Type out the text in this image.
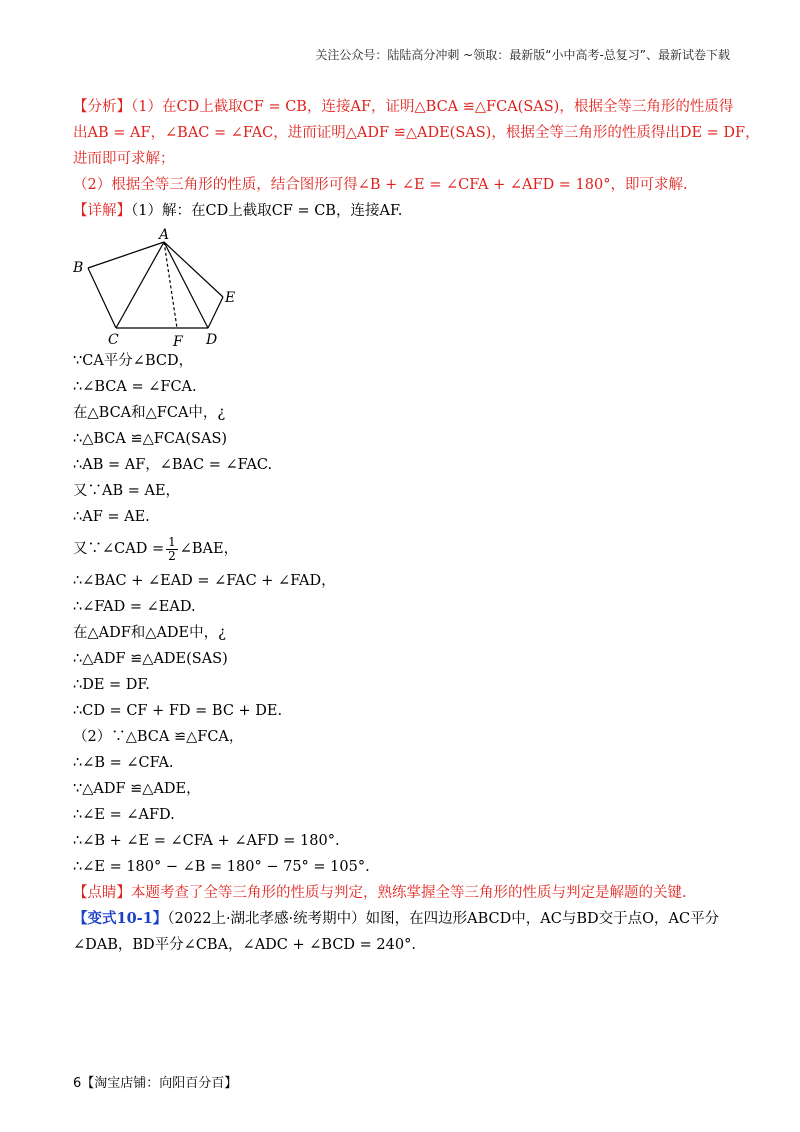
关注公众号：陆陆高分冲刺 ~领取：最新版“小中高考-总复习”、最新试卷下载
【分析】（1）在CD上截取CF = CB，连接AF，证明△BCA ≌△FCA(SAS)，根据全等三角形的性质得
出AB = AF，∠BAC = ∠FAC，进而证明△ADF ≌△ADE(SAS)，根据全等三角形的性质得出DE = DF，
进而即可求解；
（2）根据全等三角形的性质，结合图形可得∠B + ∠E = ∠CFA + ∠AFD = 180°，即可求解.
【详解】（1）解：在CD上截取CF = CB，连接AF.
A
B
C	F D
E
∵CA平分∠BCD，
∴∠BCA = ∠FCA.
在△BCA和△FCA中，¿
∴△BCA ≌△FCA(SAS)
∴AB = AF，∠BAC = ∠FAC.
又∵AB = AE，
∴AF = AE.
又∵∠CAD = $\frac{1}{2}$ ∠BAE，
∴∠BAC + ∠EAD = ∠FAC + ∠FAD，
∴∠FAD = ∠EAD.
在△ADF和△ADE中，¿
∴△ADF ≌△ADE(SAS)
∴DE = DF.
∴CD = CF + FD = BC + DE.
（2）∵△BCA ≌△FCA，
∴∠B = ∠CFA.
∵△ADF ≌△ADE，
∴∠E = ∠AFD.
∴∠B + ∠E = ∠CFA + ∠AFD = 180°.
∴∠E = 180° − ∠B = 180° − 75° = 105°.
【点睛】本题考查了全等三角形的性质与判定，熟练掌握全等三角形的性质与判定是解题的关键.
【变式10-1】（2022上·湖北孝感·统考期中）如图，在四边形ABCD中，AC与BD交于点O，AC平分
∠DAB，BD平分∠CBA，∠ADC + ∠BCD = 240°.
6【淘宝店铺：向阳百分百】
